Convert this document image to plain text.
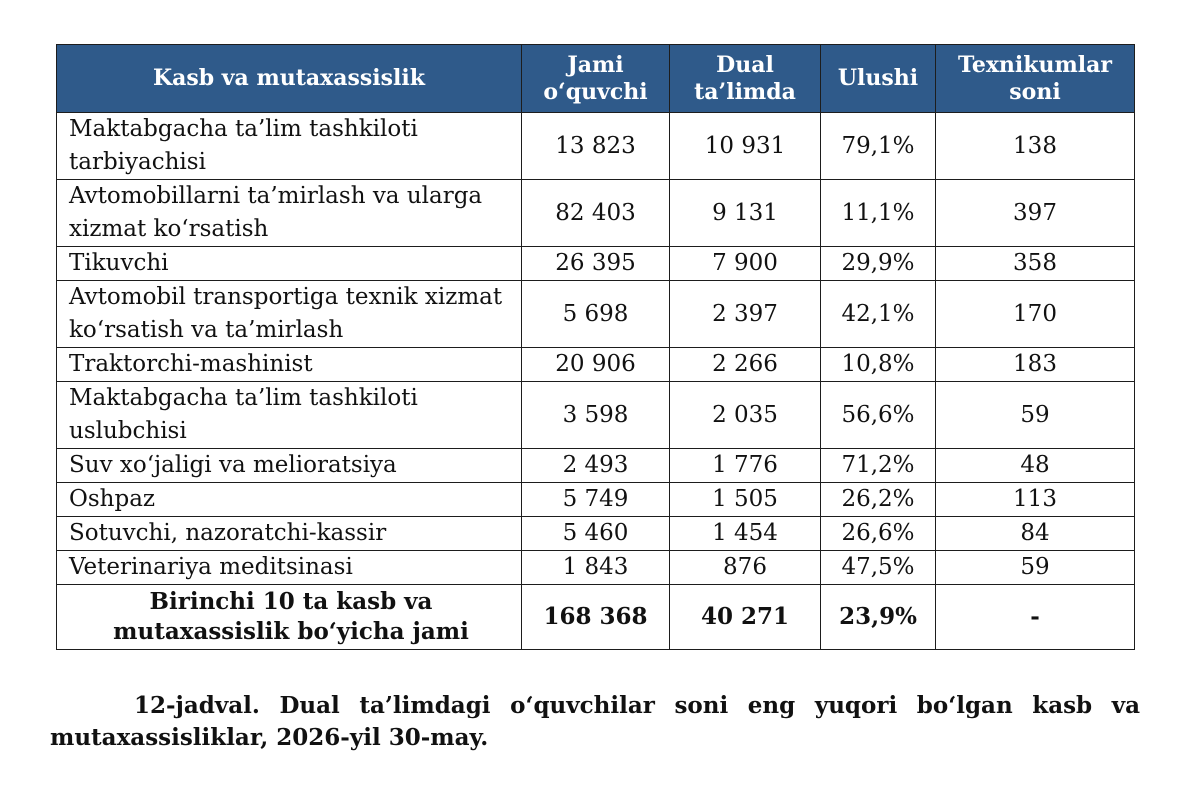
Kasb va mutaxassislik	Jami o‘quvchi	Dual ta’limda	Ulushi	Texnikumlar soni
Maktabgacha ta’lim tashkiloti tarbiyachisi	13 823	10 931	79,1%	138
Avtomobillarni ta’mirlash va ularga xizmat ko‘rsatish	82 403	9 131	11,1%	397
Tikuvchi	26 395	7 900	29,9%	358
Avtomobil transportiga texnik xizmat ko‘rsatish va ta’mirlash	5 698	2 397	42,1%	170
Traktorchi-mashinist	20 906	2 266	10,8%	183
Maktabgacha ta’lim tashkiloti uslubchisi	3 598	2 035	56,6%	59
Suv xo‘jaligi va melioratsiya	2 493	1 776	71,2%	48
Oshpaz	5 749	1 505	26,2%	113
Sotuvchi, nazoratchi-kassir	5 460	1 454	26,6%	84
Veterinariya meditsinasi	1 843	876	47,5%	59
Birinchi 10 ta kasb va mutaxassislik bo‘yicha jami	168 368	40 271	23,9%	-

12-jadval. Dual ta’limdagi o‘quvchilar soni eng yuqori bo‘lgan kasb va mutaxassisliklar, 2026-yil 30-may.
